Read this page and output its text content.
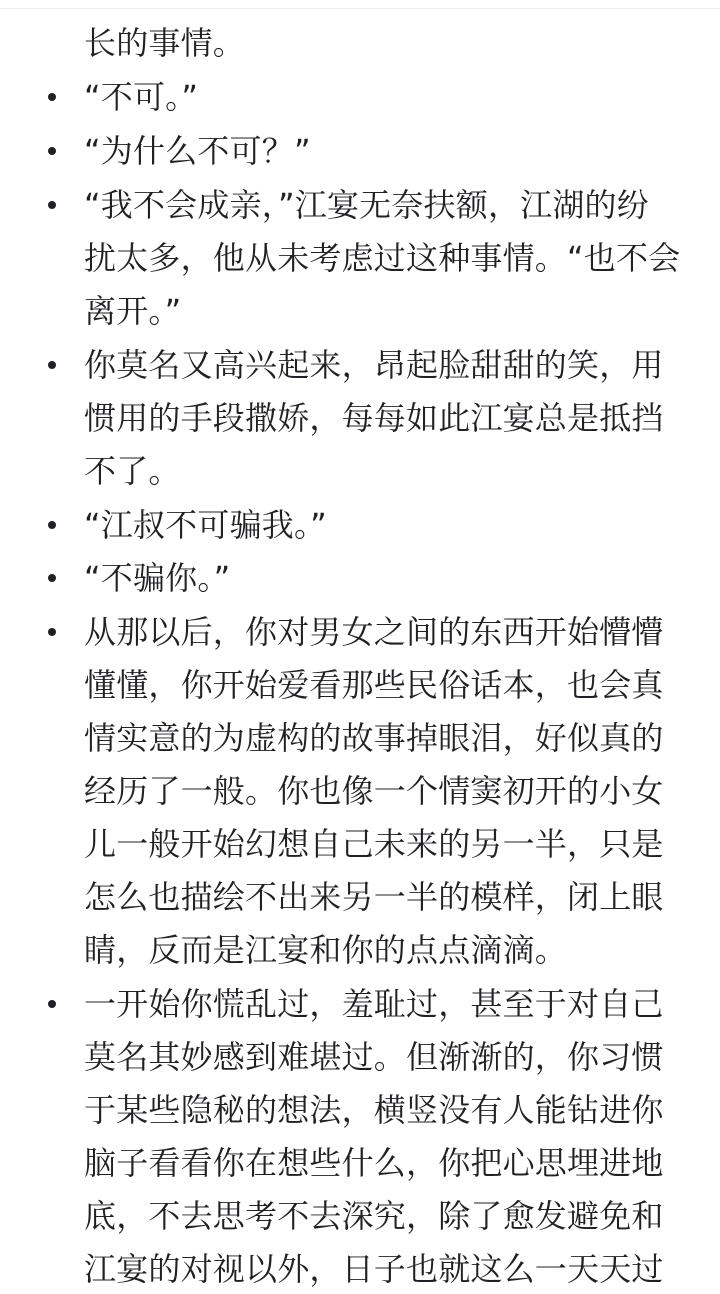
长的事情。
“不可。”
“为什么不可？”
“我不会成亲，”江宴无奈扶额，江湖的纷
扰太多，他从未考虑过这种事情。“也不会
离开。”
你莫名又高兴起来，昂起脸甜甜的笑，用
惯用的手段撒娇，每每如此江宴总是抵挡
不了。
“江叔不可骗我。”
“不骗你。”
从那以后，你对男女之间的东西开始懵懵
懂懂，你开始爱看那些民俗话本，也会真
情实意的为虚构的故事掉眼泪，好似真的
经历了一般。你也像一个情窦初开的小女
儿一般开始幻想自己未来的另一半，只是
怎么也描绘不出来另一半的模样，闭上眼
睛，反而是江宴和你的点点滴滴。
一开始你慌乱过，羞耻过，甚至于对自己
莫名其妙感到难堪过。但渐渐的，你习惯
于某些隐秘的想法，横竖没有人能钻进你
脑子看看你在想些什么，你把心思埋进地
底，不去思考不去深究，除了愈发避免和
江宴的对视以外，日子也就这么一天天过
